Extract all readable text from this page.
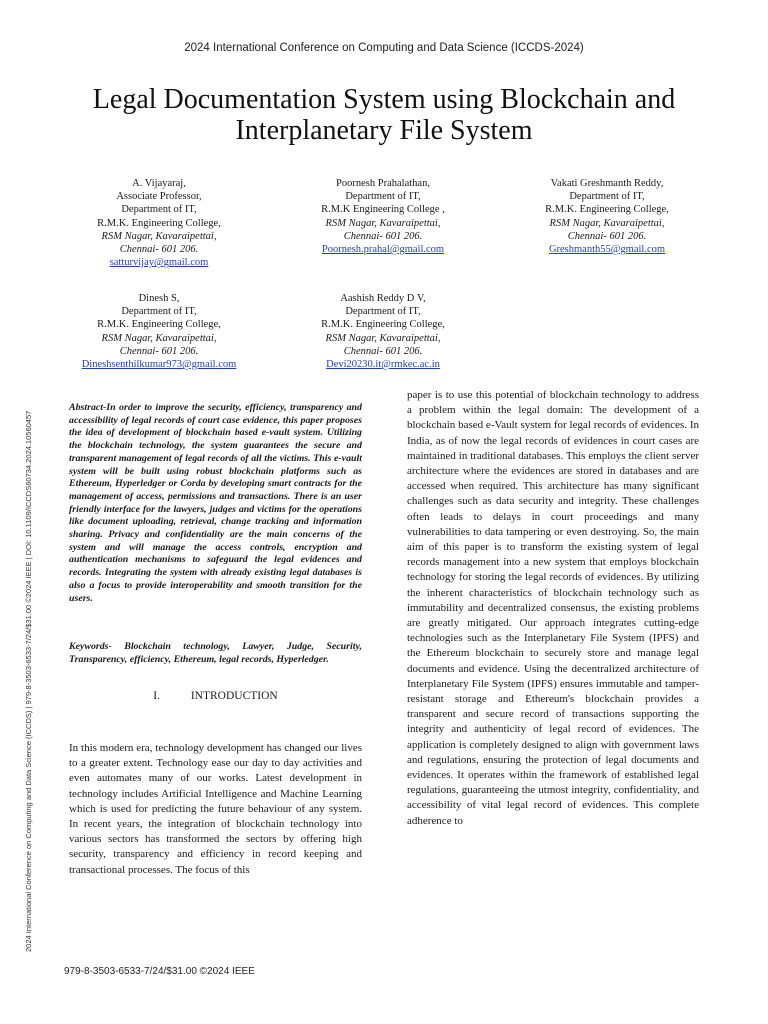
2024 International Conference on Computing and Data Science (ICCDS-2024)
Legal Documentation System using Blockchain and Interplanetary File System
A. Vijayaraj,
Associate Professor,
Department of IT,
R.M.K. Engineering College,
RSM Nagar, Kavaraipettai,
Chennai- 601 206.
satturvijay@gmail.com
Poornesh Prahalathan,
Department of IT,
R.M.K Engineering College ,
RSM Nagar, Kavaraipettai,
Chennai- 601 206.
Poornesh.prahal@gmail.com
Vakati Greshmanth Reddy,
Department of IT,
R.M.K. Engineering College,
RSM Nagar, Kavaraipettai,
Chennai- 601 206.
Greshmanth55@gmail.com
Dinesh S,
Department of IT,
R.M.K. Engineering College,
RSM Nagar, Kavaraipettai,
Chennai- 601 206.
Dineshsenthilkumar973@gmail.com
Aashish Reddy D V,
Department of IT,
R.M.K. Engineering College,
RSM Nagar, Kavaraipettai,
Chennai- 601 206.
Devi20230.it@rmkec.ac.in
2024 International Conference on Computing and Data Science (ICCDS) | 979-8-3503-6533-7/24/$31.00 ©2024 IEEE | DOI: 10.1109/ICCDS60734.2024.10560457

Abstract-In order to improve the security, efficiency, transparency and accessibility of legal records of court case evidence, this paper proposes the idea of development of blockchain based e-vault system. Utilizing the blockchain technology, the system guarantees the secure and transparent management of legal records of all the victims. This e-vault system will be built using robust blockchain platforms such as Ethereum, Hyperledger or Corda by developing smart contracts for the management of access, permissions and transactions. There is an user friendly interface for the lawyers, judges and victims for the operations like document uploading, retrieval, change tracking and information sharing. Privacy and confidentiality are the main concerns of the system and will manage the access controls, encryption and authentication mechanisms to safeguard the legal evidences and records. Integrating the system with already existing legal databases is also a focus to provide interoperability and smooth transition for the users.

Keywords- Blockchain technology, Lawyer, Judge, Security, Transparency, efficiency, Ethereum, legal records, Hyperledger.

I.	INTRODUCTION

In this modern era, technology development has changed our lives to a greater extent. Technology ease our day to day activities and even automates many of our works. Latest development in technology includes Artificial Intelligence and Machine Learning which is used for predicting the future behaviour of any system. In recent years, the integration of blockchain technology into various sectors has transformed the sectors by offering high security, transparency and efficiency in record keeping and transactional processes. The focus of this

paper is to use this potential of blockchain technology to address a problem within the legal domain: The development of a blockchain based e-Vault system for legal records of evidences. In India, as of now the legal records of evidences in court cases are maintained in traditional databases. This employs the client server architecture where the evidences are stored in databases and are accessed when required. This architecture has many significant challenges such as data security and integrity. These challenges often leads to delays in court proceedings and many vulnerabilities to data tampering or even destroying. So, the main aim of this paper is to transform the existing system of legal records management into a new system that employs blockchain technology for storing the legal records of evidences. By utilizing the inherent characteristics of blockchain technology such as immutability and decentralized consensus, the existing problems are greatly mitigated. Our approach integrates cutting-edge technologies such as the Interplanetary File System (IPFS) and the Ethereum blockchain to securely store and manage legal documents and evidence. Using the decentralized architecture of Interplanetary File System (IPFS) ensures immutable and tamper-resistant storage and Ethereum's blockchain provides a transparent and secure record of transactions supporting the integrity and authenticity of legal record of evidences. The application is completely designed to align with government laws and regulations, ensuring the protection of legal documents and evidences. It operates within the framework of established legal regulations, guaranteeing the utmost integrity, confidentiality, and accessibility of vital legal record of evidences. This complete adherence to

979-8-3503-6533-7/24/$31.00 ©2024 IEEE
